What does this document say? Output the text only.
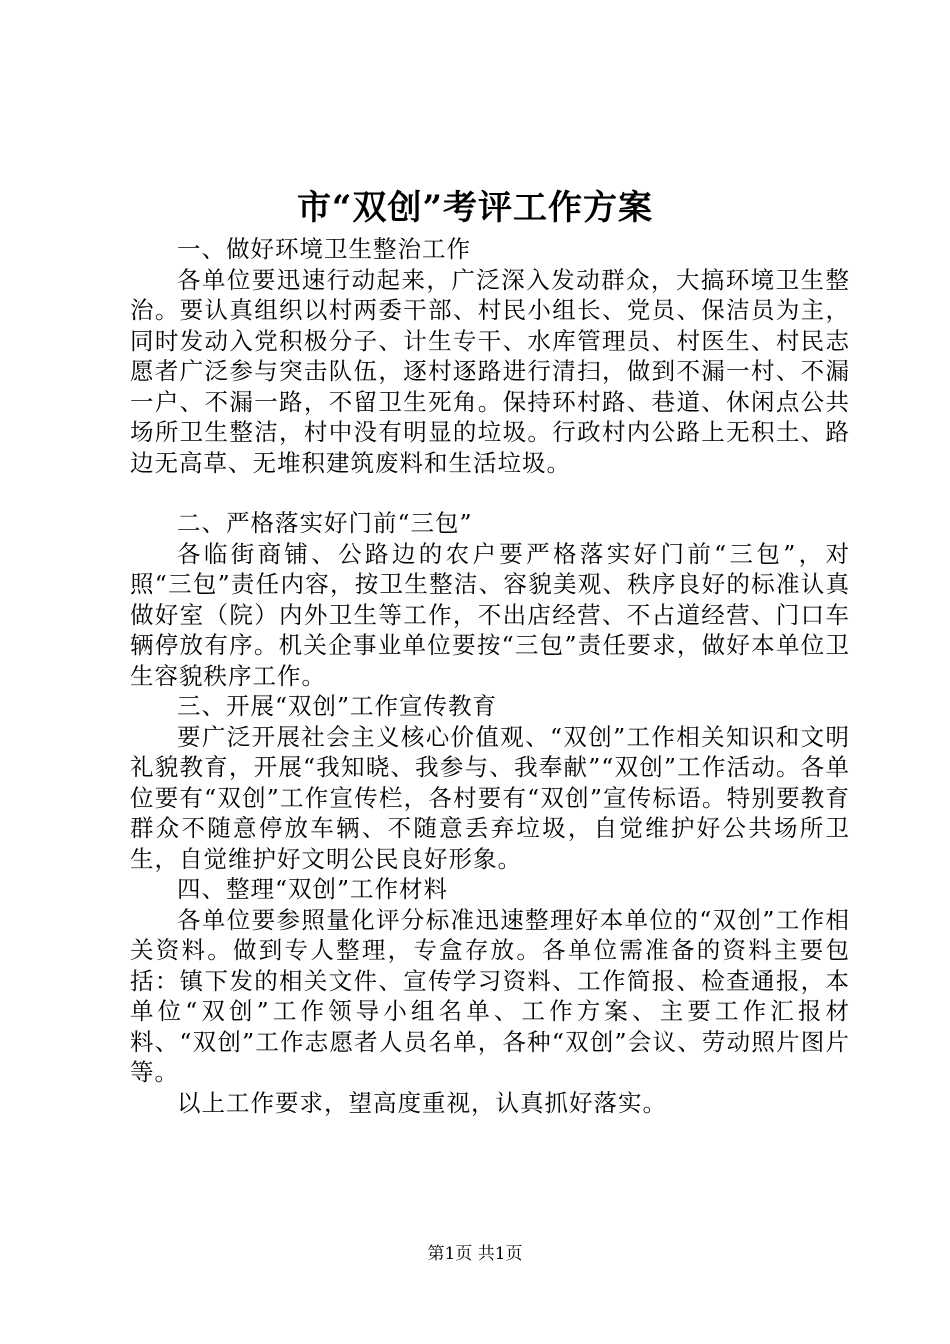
市“双创”考评工作方案

一、做好环境卫生整治工作

各单位要迅速行动起来，广泛深入发动群众，大搞环境卫生整治。要认真组织以村两委干部、村民小组长、党员、保洁员为主，同时发动入党积极分子、计生专干、水库管理员、村医生、村民志愿者广泛参与突击队伍，逐村逐路进行清扫，做到不漏一村、不漏一户、不漏一路，不留卫生死角。保持环村路、巷道、休闲点公共场所卫生整洁，村中没有明显的垃圾。行政村内公路上无积土、路边无高草、无堆积建筑废料和生活垃圾。

二、严格落实好门前“三包”

各临街商铺、公路边的农户要严格落实好门前“三包”，对照“三包”责任内容，按卫生整洁、容貌美观、秩序良好的标准认真做好室（院）内外卫生等工作，不出店经营、不占道经营、门口车辆停放有序。机关企事业单位要按“三包”责任要求，做好本单位卫生容貌秩序工作。

三、开展“双创”工作宣传教育

要广泛开展社会主义核心价值观、“双创”工作相关知识和文明礼貌教育，开展“我知晓、我参与、我奉献”“双创”工作活动。各单位要有“双创”工作宣传栏，各村要有“双创”宣传标语。特别要教育群众不随意停放车辆、不随意丢弃垃圾，自觉维护好公共场所卫生，自觉维护好文明公民良好形象。

四、整理“双创”工作材料

各单位要参照量化评分标准迅速整理好本单位的“双创”工作相关资料。做到专人整理，专盒存放。各单位需准备的资料主要包括：镇下发的相关文件、宣传学习资料、工作简报、检查通报，本单位“双创”工作领导小组名单、工作方案、主要工作汇报材料、“双创”工作志愿者人员名单，各种“双创”会议、劳动照片图片等。

以上工作要求，望高度重视，认真抓好落实。

第1页 共1页
